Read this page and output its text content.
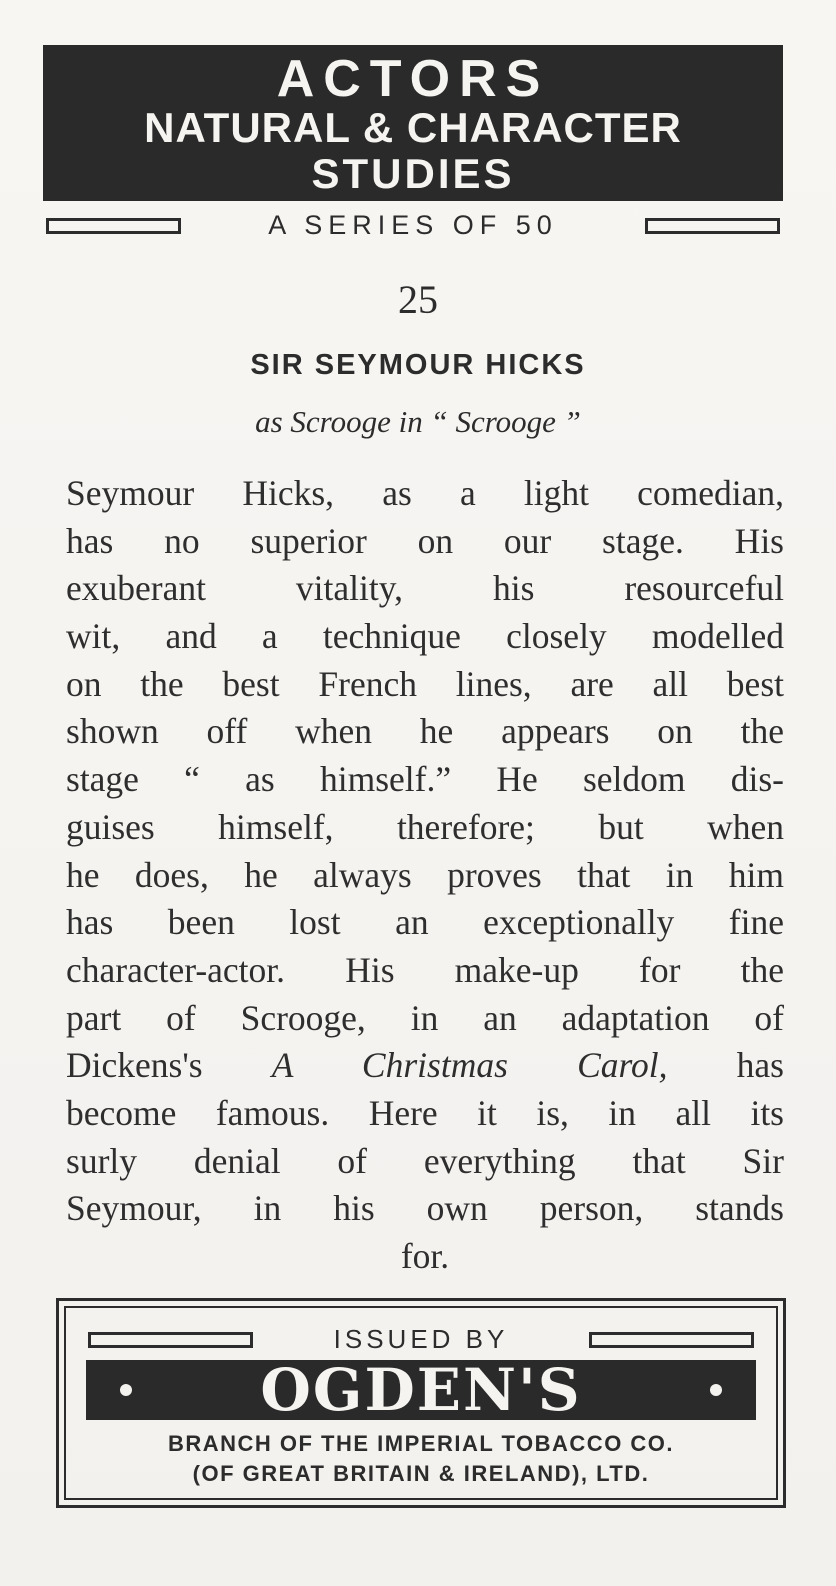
ACTORS
NATURAL & CHARACTER
STUDIES
A SERIES OF 50
25
SIR SEYMOUR HICKS
as Scrooge in “ Scrooge ”
Seymour Hicks, as a light comedian,
has no superior on our stage. His
exuberant vitality, his resourceful
wit, and a technique closely modelled
on the best French lines, are all best
shown off when he appears on the
stage “ as himself.” He seldom dis-
guises himself, therefore; but when
he does, he always proves that in him
has been lost an exceptionally fine
character-actor. His make-up for the
part of Scrooge, in an adaptation of
Dickens's A Christmas Carol, has
become famous. Here it is, in all its
surly denial of everything that Sir
Seymour, in his own person, stands
for.
ISSUED BY
OGDEN'S
BRANCH OF THE IMPERIAL TOBACCO CO.
(OF GREAT BRITAIN & IRELAND), LTD.
